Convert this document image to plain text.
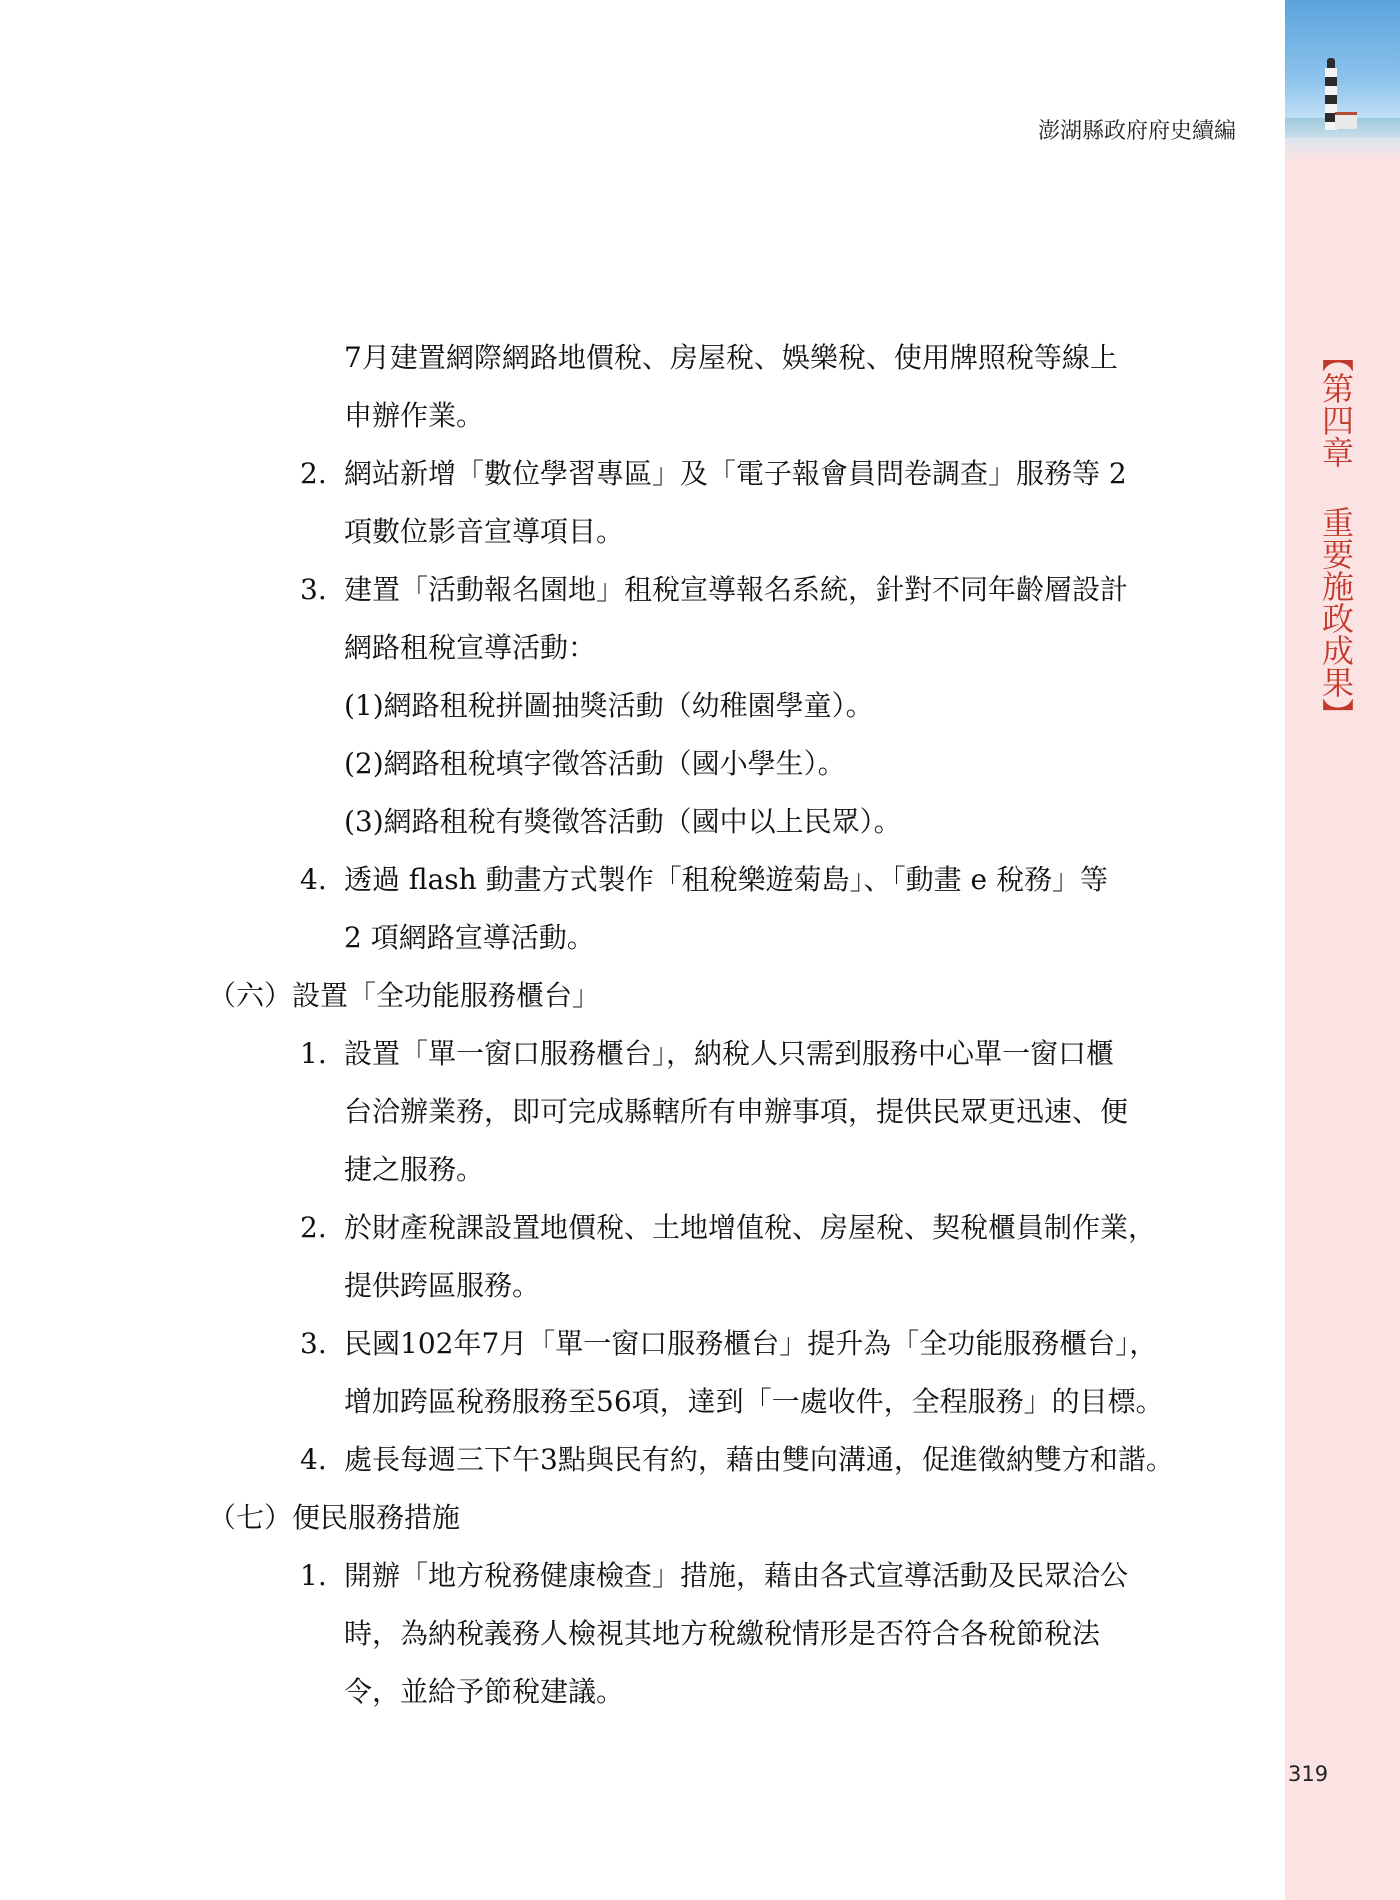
【第四章 重要施政成果】
319
澎湖縣政府府史續編
7月建置網際網路地價稅、房屋稅、娛樂稅、使用牌照稅等線上
申辦作業。
2. 網站新增「數位學習專區」及「電子報會員問卷調查」服務等 2
項數位影音宣導項目。
3. 建置「活動報名園地」租稅宣導報名系統，針對不同年齡層設計
網路租稅宣導活動：
(1)網路租稅拼圖抽獎活動（幼稚園學童）。
(2)網路租稅填字徵答活動（國小學生）。
(3)網路租稅有獎徵答活動（國中以上民眾）。
4. 透過 flash 動畫方式製作「租稅樂遊菊島」、「動畫 e 稅務」等
2 項網路宣導活動。
（六）設置「全功能服務櫃台」
1. 設置「單一窗口服務櫃台」，納稅人只需到服務中心單一窗口櫃
台洽辦業務，即可完成縣轄所有申辦事項，提供民眾更迅速、便
捷之服務。
2. 於財產稅課設置地價稅、土地增值稅、房屋稅、契稅櫃員制作業，
提供跨區服務。
3. 民國102年7月「單一窗口服務櫃台」提升為「全功能服務櫃台」，
增加跨區稅務服務至56項，達到「一處收件，全程服務」的目標。
4. 處長每週三下午3點與民有約，藉由雙向溝通，促進徵納雙方和諧。
（七）便民服務措施
1. 開辦「地方稅務健康檢查」措施，藉由各式宣導活動及民眾洽公
時，為納稅義務人檢視其地方稅繳稅情形是否符合各稅節稅法
令，並給予節稅建議。
